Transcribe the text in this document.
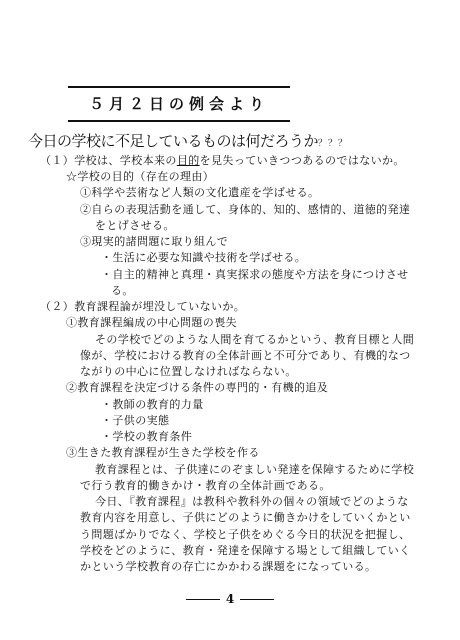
５月２日の例会より
今日の学校に不足しているものは何だろうか？？？
（１）学校は、学校本来の目的を見失っていきつつあるのではないか。
☆学校の目的（存在の理由）
①科学や芸術など人類の文化遺産を学ばせる。
②自らの表現活動を通して、身体的、知的、感情的、道徳的発達
をとげさせる。
③現実的諸問題に取り組んで
・生活に必要な知識や技術を学ばせる。
・自主的精神と真理・真実探求の態度や方法を身につけさせ
る。
（２）教育課程論が埋没していないか。
①教育課程編成の中心問題の喪失
その学校でどのような人間を育てるかという、教育目標と人間
像が、学校における教育の全体計画と不可分であり、有機的なつ
ながりの中心に位置しなければならない。
②教育課程を決定づける条件の専門的・有機的追及
・教師の教育的力量
・子供の実態
・学校の教育条件
③生きた教育課程が生きた学校を作る
教育課程とは、子供達にのぞましい発達を保障するために学校
で行う教育的働きかけ・教育の全体計画である。
今日、『教育課程』は教科や教科外の個々の領域でどのような
教育内容を用意し、子供にどのように働きかけをしていくかとい
う問題ばかりでなく、学校と子供をめぐる今日的状況を把握し、
学校をどのように、教育・発達を保障する場として組織していく
かという学校教育の存亡にかかわる課題をになっている。
4
